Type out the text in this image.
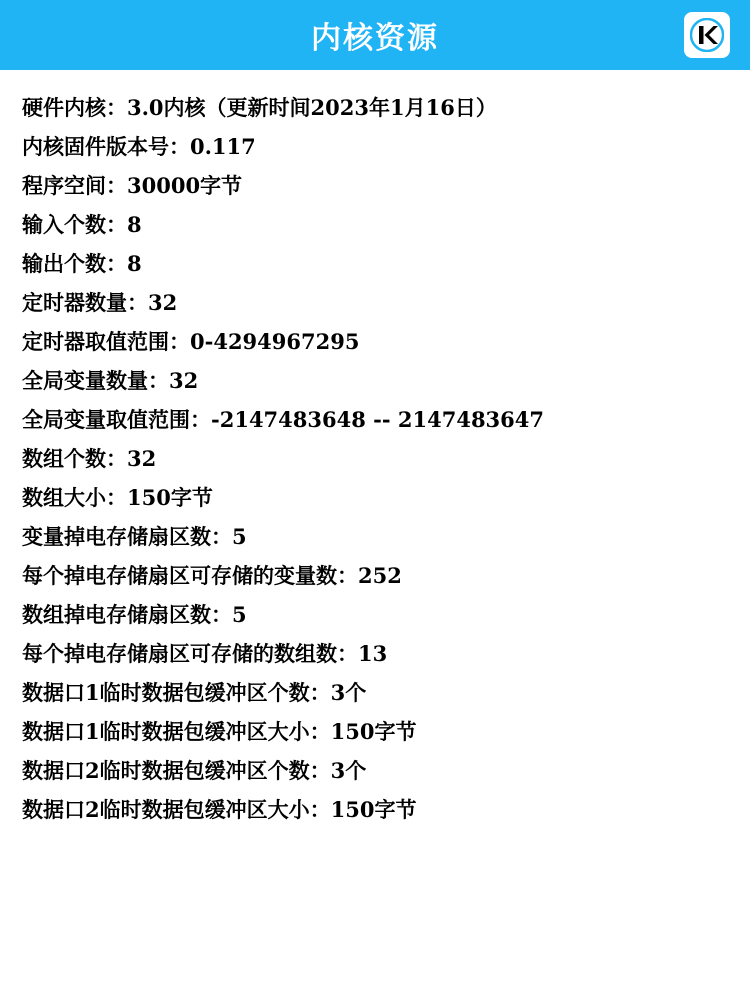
内核资源
硬件内核：3.0内核（更新时间2023年1月16日）
内核固件版本号：0.117
程序空间：30000字节
输入个数：8
输出个数：8
定时器数量：32
定时器取值范围：0-4294967295
全局变量数量：32
全局变量取值范围：-2147483648 -- 2147483647
数组个数：32
数组大小：150字节
变量掉电存储扇区数：5
每个掉电存储扇区可存储的变量数：252
数组掉电存储扇区数：5
每个掉电存储扇区可存储的数组数：13
数据口1临时数据包缓冲区个数：3个
数据口1临时数据包缓冲区大小：150字节
数据口2临时数据包缓冲区个数：3个
数据口2临时数据包缓冲区大小：150字节
